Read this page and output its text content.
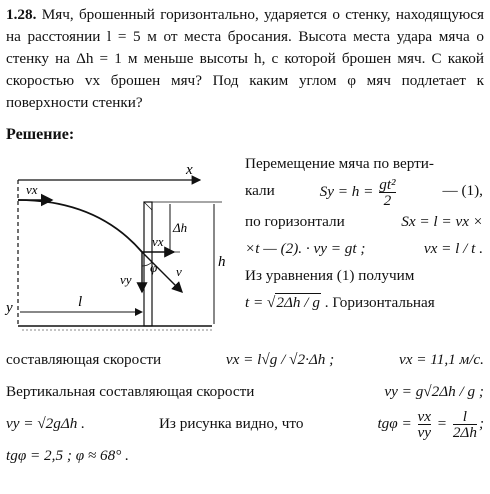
1.28. Мяч, брошенный горизонтально, ударяется о стенку, находящуюся на расстоянии l = 5 м от места бросания. Высота места удара мяча о стенку на Δh = 1 м меньше высоты h, с которой брошен мяч. С какой скоростью vx брошен мяч? Под каким углом φ мяч подлетает к поверхности стенки?
Решение:
x
y
vx
Δh
h
vx
vy
v
φ
l
Перемещение мяча по верти-
кали	$Sy = h = \frac{\text{gt²}}{2}$	— (1),
по горизонтали	Sx = l = vx ×
×t — (2). · vy = gt ;	vx = l / t .
Из уравнения (1) получим
t = √2Δh / g . Горизонтальная
составляющая скорости	vx = l√g / √2·Δh ;	vx = 11,1 м/с.
Вертикальная составляющая скорости	vy = g√2Δh / g ;
vy = √2gΔh .	Из рисунка видно, что	$tg\varphi = \frac{vx}{vy} = \frac{l}{2\Delta h}$ ;
tgφ = 2,5 ; φ ≈ 68° .
